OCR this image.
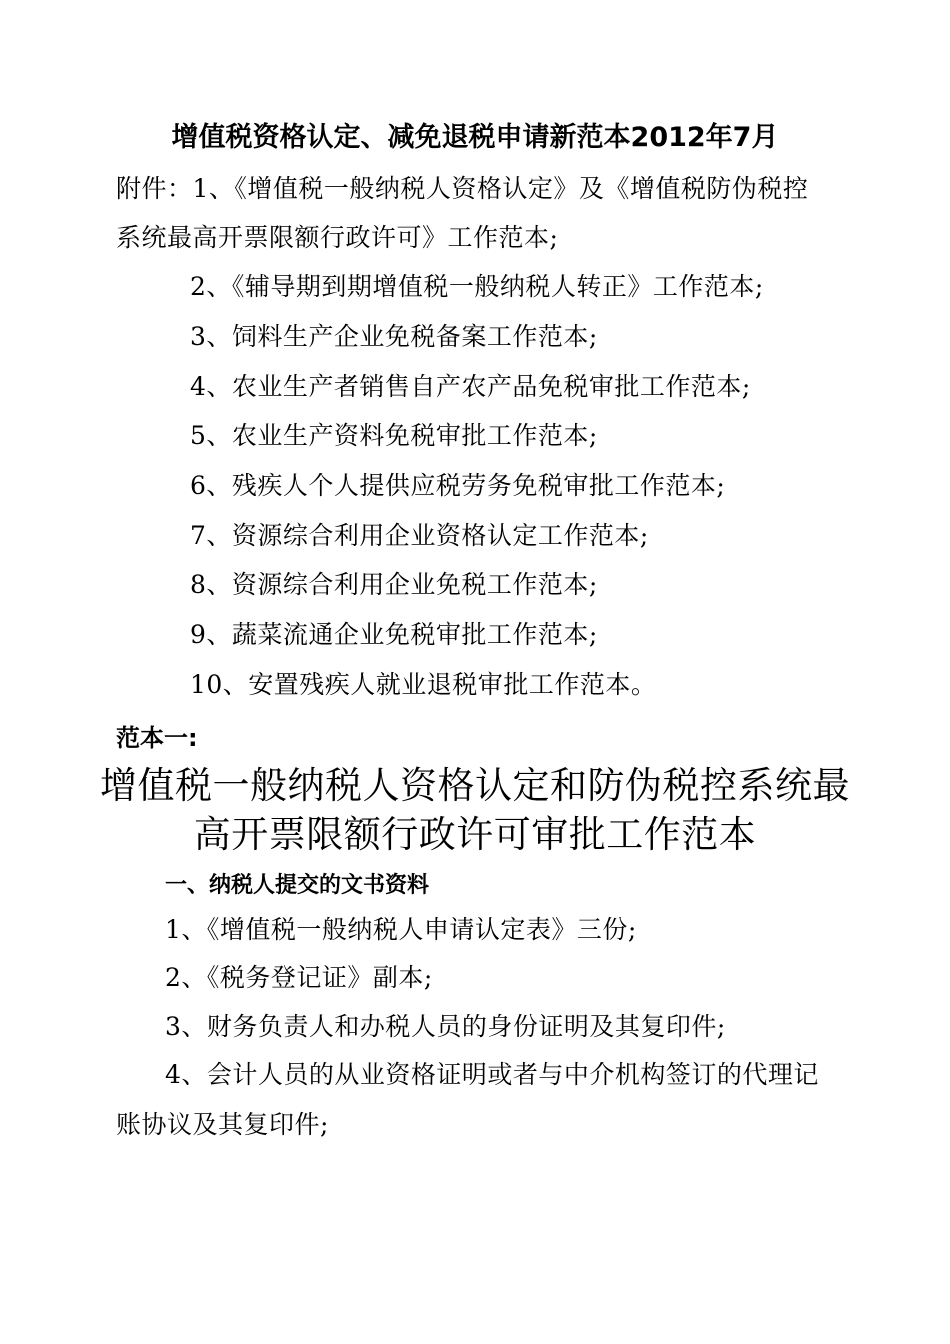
增值税资格认定、减免退税申请新范本2012年7月
附件：1、《增值税一般纳税人资格认定》及《增值税防伪税控
系统最高开票限额行政许可》工作范本;
2、《辅导期到期增值税一般纳税人转正》工作范本;
3、饲料生产企业免税备案工作范本;
4、农业生产者销售自产农产品免税审批工作范本;
5、农业生产资料免税审批工作范本;
6、残疾人个人提供应税劳务免税审批工作范本;
7、资源综合利用企业资格认定工作范本;
8、资源综合利用企业免税工作范本;
9、蔬菜流通企业免税审批工作范本;
10、安置残疾人就业退税审批工作范本。
范本一:
增值税一般纳税人资格认定和防伪税控系统最
高开票限额行政许可审批工作范本
一、纳税人提交的文书资料
1、《增值税一般纳税人申请认定表》三份;
2、《税务登记证》副本;
3、财务负责人和办税人员的身份证明及其复印件;
4、会计人员的从业资格证明或者与中介机构签订的代理记
账协议及其复印件;
